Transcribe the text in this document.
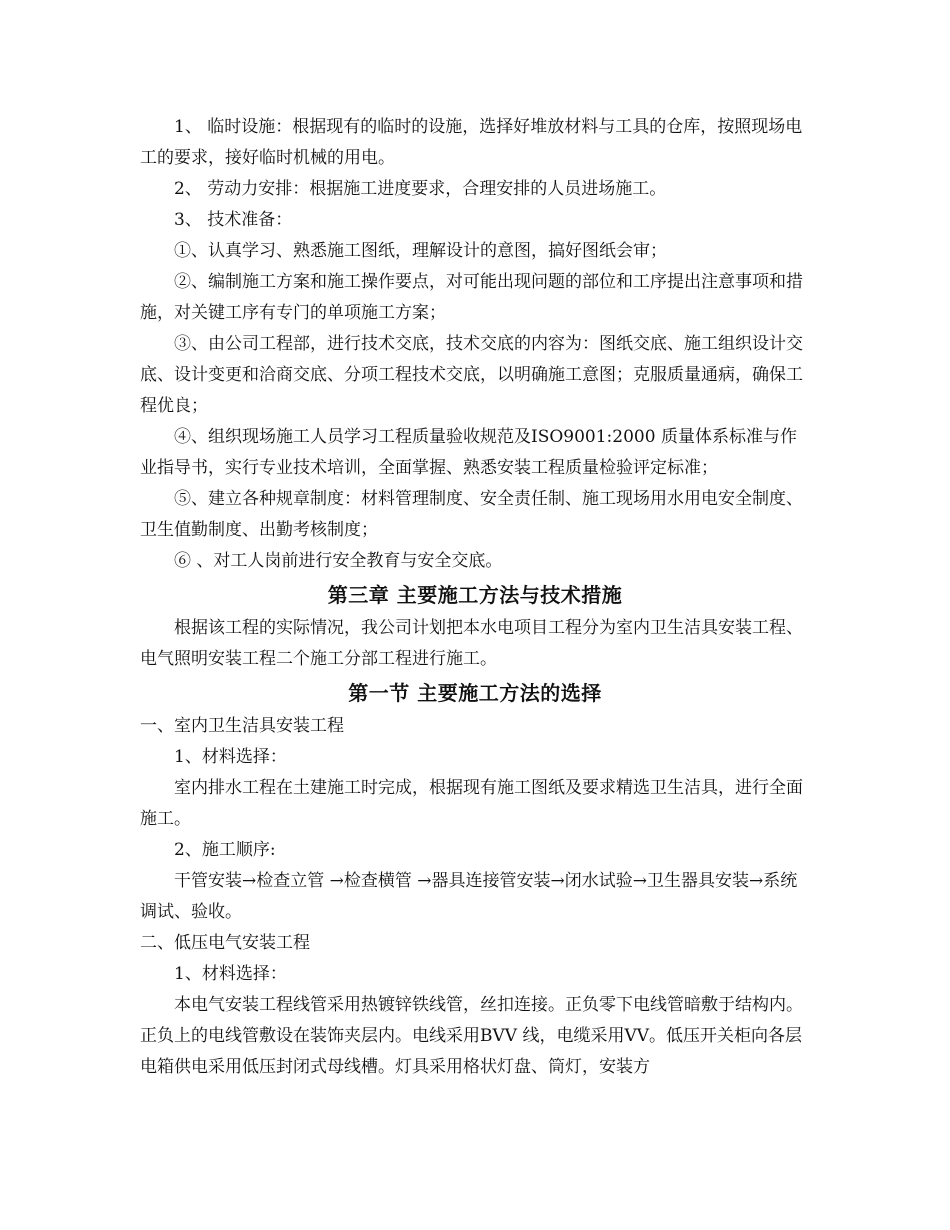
1、 临时设施：根据现有的临时的设施，选择好堆放材料与工具的仓库，按照现场电工的要求，接好临时机械的用电。

2、 劳动力安排：根据施工进度要求，合理安排的人员进场施工。

3、 技术准备：

①、认真学习、熟悉施工图纸，理解设计的意图，搞好图纸会审；

②、编制施工方案和施工操作要点，对可能出现问题的部位和工序提出注意事项和措施，对关键工序有专门的单项施工方案；

③、由公司工程部，进行技术交底，技术交底的内容为：图纸交底、施工组织设计交底、设计变更和洽商交底、分项工程技术交底，以明确施工意图；克服质量通病，确保工程优良；

④、组织现场施工人员学习工程质量验收规范及ISO9001:2000 质量体系标准与作业指导书，实行专业技术培训，全面掌握、熟悉安装工程质量检验评定标准；

⑤、建立各种规章制度：材料管理制度、安全责任制、施工现场用水用电安全制度、卫生值勤制度、出勤考核制度；

⑥ 、对工人岗前进行安全教育与安全交底。

第三章 主要施工方法与技术措施

根据该工程的实际情况，我公司计划把本水电项目工程分为室内卫生洁具安装工程、电气照明安装工程二个施工分部工程进行施工。

第一节 主要施工方法的选择

一、室内卫生洁具安装工程

1、材料选择：

室内排水工程在土建施工时完成，根据现有施工图纸及要求精选卫生洁具，进行全面施工。

2、施工顺序:

干管安装→检查立管 →检查横管 →器具连接管安装→闭水试验→卫生器具安装→系统调试、验收。

二、低压电气安装工程

1、材料选择：

本电气安装工程线管采用热镀锌铁线管，丝扣连接。正负零下电线管暗敷于结构内。正负上的电线管敷设在装饰夹层内。电线采用BVV 线，电缆采用VV。低压开关柜向各层电箱供电采用低压封闭式母线槽。灯具采用格状灯盘、筒灯，安装方
